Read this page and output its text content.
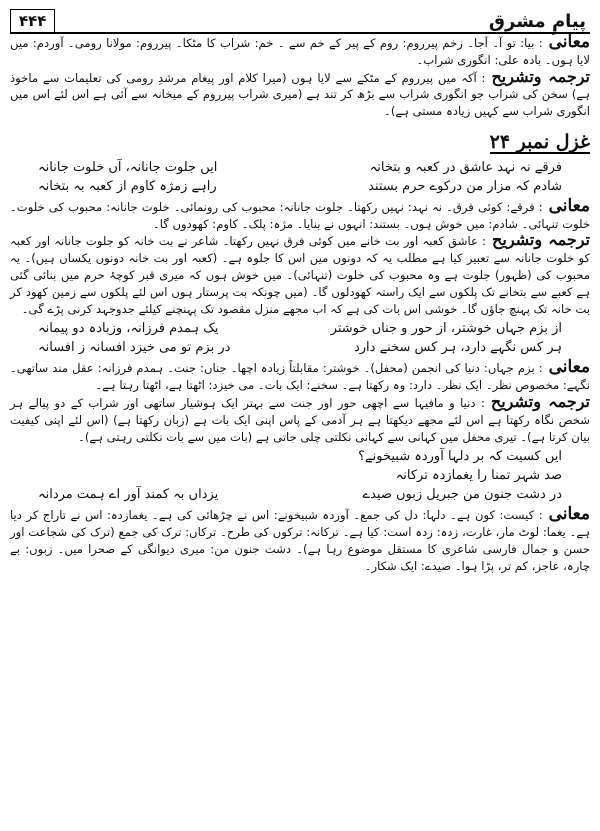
۴۴۴	پیامِ مشرق

معانی: بیا: تو آ۔ آجا۔ زخم پیرروم: روم کے پیر کے خم سے ۔ خم: شراب کا مٹکا۔ پیرروم: مولانا رومی۔ آوردم: میں لایا ہوں۔ بادہ علی: انگوری شراب۔

ترجمہ وتشریح: آکہ میں پیرروم کے مٹکے سے لایا ہوں (میرا کلام اور پیغام مرشدِ رومی کی تعلیمات سے ماخوذ ہے) سخن کی شراب جو انگوری شراب سے بڑھ کر تند ہے (میری شراب پیرروم کے میخانہ سے آئی ہے اس لئے اس میں انگوری شراب سے کہیں زیادہ مستی ہے)۔

غزل نمبر ۲۴
فرقے نہ نہد عاشق در کعبہ و بتخانہ
ایں جلوت جانانہ، آں خلوت جانانہ
شادم کہ مزار من درکوے حرم بستند
راہے زمژہ کاوم از کعبہ بہ بتخانہ

معانی: فرقے: کوئی فرق۔ نہ نہد: نہیں رکھتا۔ جلوت جانانہ: محبوب کی رونمائی۔ خلوت جانانہ: محبوب کی خلوت۔ خلوت تنہائی۔ شادم: میں خوش ہوں۔ بستند: انہوں نے بنایا۔ مژہ: پلک۔ کاوم: کھودوں گا۔

ترجمہ وتشریح: عاشق کعبہ اور بت خانے میں کوئی فرق نہیں رکھتا۔ شاعر نے بت خانہ کو جلوت جانانہ اور کعبہ کو خلوت جانانہ سے تعبیر کیا ہے مطلب یہ کہ دونوں میں اس کا جلوہ ہے۔ (کعبہ اور بت خانہ دونوں یکساں ہیں)۔ یہ محبوب کی (ظہور) جلوت ہے وہ محبوب کی خلوت (تنہائی)۔ میں خوش ہوں کہ میری قبر کوچۂ حرم میں بنائی گئی ہے کعبے سے بتخانے تک پلکوں سے ایک راستہ کھودلوں گا۔ (میں چونکہ بت پرستار ہوں اس لئے پلکوں سے زمین کھود کر بت خانہ تک پہنچ جاؤں گا۔ خوشی اس بات کی ہے کہ اب مجھے منزل مقصود تک پہنچنے کیلئے جدوجہد کرنی پڑے گی۔

از بزم جہاں خوشتر، از حور و جناں خوشتر
یک ہمدم فرزانہ، وزبادہ دو پیمانہ
ہر کس نگہے دارد، ہر کس سخنے دارد
در بزم تو می خیزد افسانہ ز افسانہ

معانی: بزم جہاں: دنیا کی انجمن (محفل)۔ خوشتر: مقابلتاً زیادہ اچھا۔ جناں: جنت۔ ہمدم فرزانہ: عقل مند ساتھی۔ نگہے: مخصوص نظر۔ ایک نظر۔ دارد: وہ رکھتا ہے۔ سخنے: ایک بات۔ می خیزد: اٹھتا ہے، اٹھتا رہتا ہے۔

ترجمہ وتشریح: دنیا و مافیہا سے اچھی حور اور جنت سے بہتر ایک ہوشیار ساتھی اور شراب کے دو پیالے ہر شخص نگاہ رکھتا ہے اس لئے مجھے دیکھتا ہے ہر آدمی کے پاس اپنی ایک بات ہے (زبان رکھتا ہے) (اس لئے اپنی کیفیت بیان کرتا ہے)۔ تیری محفل میں کہانی سے کہانی نکلتی چلی جاتی ہے (بات میں سے بات نکلتی رہتی ہے)۔

ایں کسیت کہ بر دلہا آوردہ شبیخونے؟
صد شہر تمنا را یغمازدہ ترکانہ
در دشت جنون من جبریل زبوں صیدے
یزداں بہ کمند آور اے ہمت مردانہ

معانی: کیست: کون ہے۔ دلہا: دل کی جمع۔ آوردہ شبیخونے: اس نے چڑھائی کی ہے۔ یغمازدہ: اس نے تاراج کر دیا ہے۔ یغما: لوٹ مار، غارت، زدہ: زدہ است: کیا ہے۔ ترکانہ: ترکوں کی طرح۔ ترکاں: ترک کی جمع (ترک کی شجاعت اور حسن و جمال فارسی شاعری کا مستقل موضوع رہا ہے)۔ دشت جنون من: میری دیوانگی کے صحرا میں۔ زبوں: بے چارہ، عاجز، کم تر، پڑا ہوا۔ صیدے: ایک شکار۔
